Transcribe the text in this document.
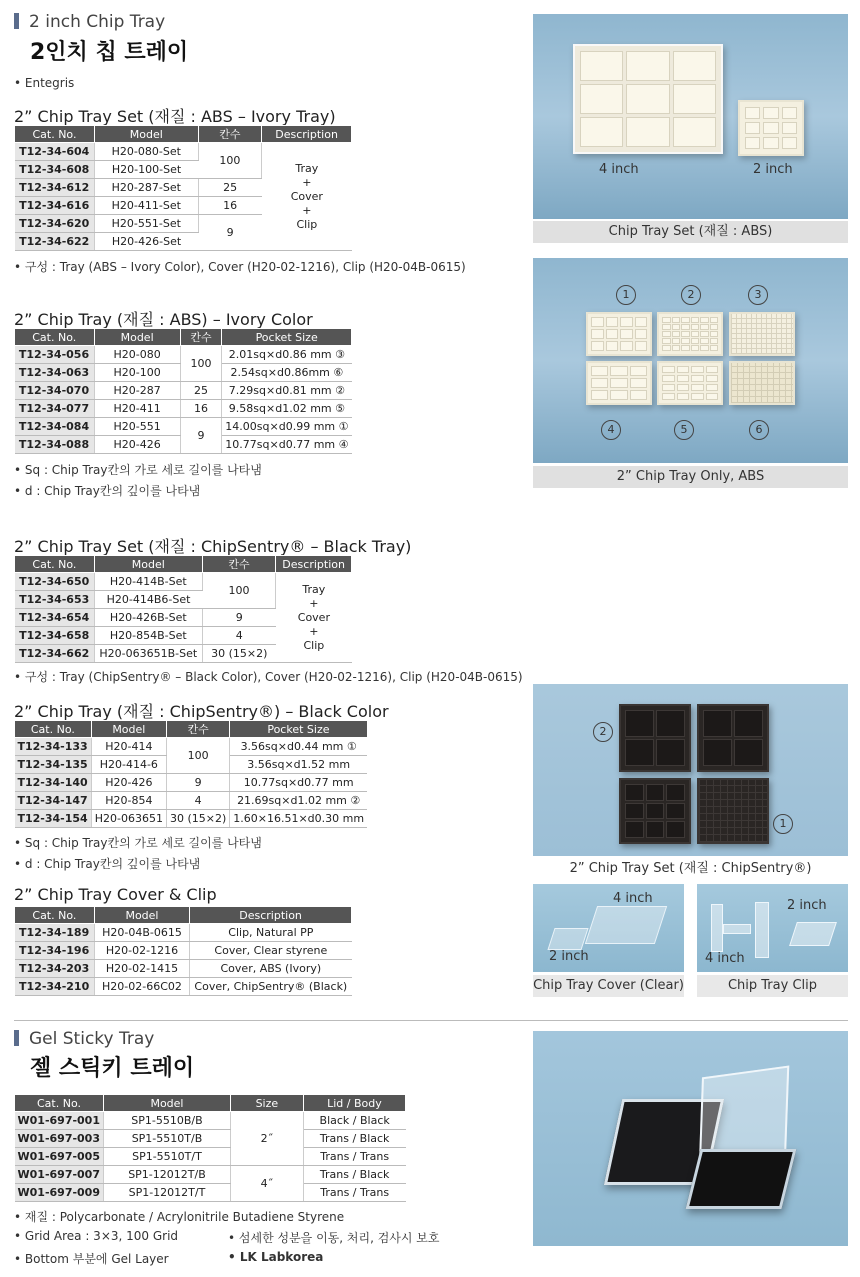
2 inch Chip Tray
2인치 칩 트레이
• Entegris
2” Chip Tray Set (재질 : ABS – Ivory Tray)
Cat. No.	Model	칸수	Description
T12-34-604	H20-080-Set	100	Tray
+
Cover
+
Clip

T12-34-608	H20-100-Set		
T12-34-612	H20-287-Set	25	
T12-34-616	H20-411-Set	16	
T12-34-620	H20-551-Set	9	
T12-34-622	H20-426-Set		
• 구성 : Tray (ABS – Ivory Color), Cover (H20-02-1216), Clip (H20-04B-0615)
2” Chip Tray (재질 : ABS) – Ivory Color
Cat. No.	Model	칸수	Pocket Size
T12-34-056	H20-080	100	2.01sq×d0.86 mm ③
T12-34-063	H20-100		2.54sq×d0.86mm ⑥
T12-34-070	H20-287	25	7.29sq×d0.81 mm ②
T12-34-077	H20-411	16	9.58sq×d1.02 mm ⑤
T12-34-084	H20-551	9	14.00sq×d0.99 mm ①
T12-34-088	H20-426		10.77sq×d0.77 mm ④
• Sq : Chip Tray칸의 가로 세로 길이를 나타냄
• d : Chip Tray칸의 깊이를 나타냄
2” Chip Tray Set (재질 : ChipSentry® – Black Tray)
Cat. No.	Model	칸수	Description
T12-34-650	H20-414B-Set	100	Tray
+
Cover
+
Clip

T12-34-653	H20-414B6-Set		
T12-34-654	H20-426B-Set	9	
T12-34-658	H20-854B-Set	4	
T12-34-662	H20-063651B-Set	30 (15×2)	
• 구성 : Tray (ChipSentry® – Black Color), Cover (H20-02-1216), Clip (H20-04B-0615)
2” Chip Tray (재질 : ChipSentry®) – Black Color
Cat. No.	Model	칸수	Pocket Size
T12-34-133	H20-414	100	3.56sq×d0.44 mm ①
T12-34-135	H20-414-6		3.56sq×d1.52 mm
T12-34-140	H20-426	9	10.77sq×d0.77 mm
T12-34-147	H20-854	4	21.69sq×d1.02 mm ②
T12-34-154	H20-063651	30 (15×2)	1.60×16.51×d0.30 mm
• Sq : Chip Tray칸의 가로 세로 길이를 나타냄
• d : Chip Tray칸의 깊이를 나타냄
2” Chip Tray Cover & Clip
Cat. No.	Model	Description
T12-34-189	H20-04B-0615	Clip, Natural PP
T12-34-196	H20-02-1216	Cover, Clear styrene
T12-34-203	H20-02-1415	Cover, ABS (Ivory)
T12-34-210	H20-02-66C02	Cover, ChipSentry® (Black)
Gel Sticky Tray
젤 스틱키 트레이
Cat. No.	Model	Size	Lid / Body
W01-697-001	SP1-5510B/B	2˝	Black / Black
W01-697-003	SP1-5510T/B		Trans / Black
W01-697-005	SP1-5510T/T		Trans / Trans
W01-697-007	SP1-12012T/B	4˝	Trans / Black
W01-697-009	SP1-12012T/T		Trans / Trans
• 재질 : Polycarbonate / Acrylonitrile Butadiene Styrene
• Grid Area : 3×3, 100 Grid
• Bottom 부분에 Gel Layer
• 섬세한 성분을 이동, 처리, 검사시 보호
• LK Labkorea
4 inch	2 inch
Chip Tray Set (재질 : ABS)
1	2	3
4	5	6
2” Chip Tray Only, ABS
2
1
2” Chip Tray Set (재질 : ChipSentry®)
4 inch
2 inch
Chip Tray Cover (Clear)
2 inch
4 inch
Chip Tray Clip
